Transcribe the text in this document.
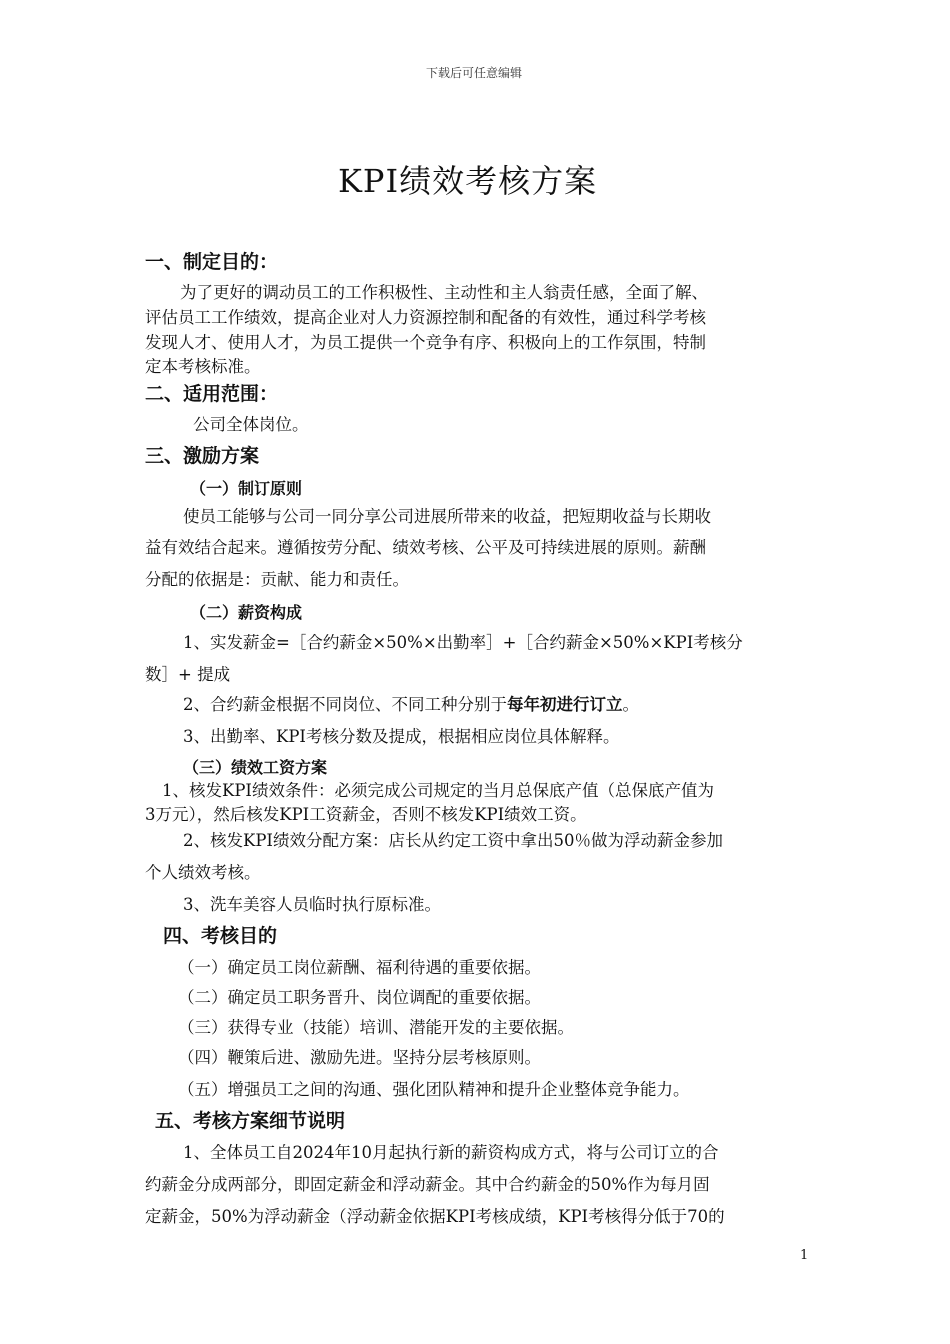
下载后可任意编辑
KPI绩效考核方案
一、制定目的：
为了更好的调动员工的工作积极性、主动性和主人翁责任感，全面了解、
评估员工工作绩效，提高企业对人力资源控制和配备的有效性，通过科学考核
发现人才、使用人才，为员工提供一个竞争有序、积极向上的工作氛围，特制
定本考核标准。
二、适用范围：
公司全体岗位。
三、激励方案
（一）制订原则
使员工能够与公司一同分享公司进展所带来的收益，把短期收益与长期收
益有效结合起来。遵循按劳分配、绩效考核、公平及可持续进展的原则。薪酬
分配的依据是：贡献、能力和责任。
（二）薪资构成
1、实发薪金=［合约薪金×50%×出勤率］+［合约薪金×50%×KPI考核分
数］+ 提成
2、合约薪金根据不同岗位、不同工种分别于每年初进行订立。
3、出勤率、KPI考核分数及提成，根据相应岗位具体解释。
（三）绩效工资方案
1、核发KPI绩效条件：必须完成公司规定的当月总保底产值（总保底产值为
3万元），然后核发KPI工资薪金，否则不核发KPI绩效工资。
2、核发KPI绩效分配方案：店长从约定工资中拿出50％做为浮动薪金参加
个人绩效考核。
3、洗车美容人员临时执行原标准。
四、考核目的
（一）确定员工岗位薪酬、福利待遇的重要依据。
（二）确定员工职务晋升、岗位调配的重要依据。
（三）获得专业（技能）培训、潜能开发的主要依据。
（四）鞭策后进、激励先进。坚持分层考核原则。
（五）增强员工之间的沟通、强化团队精神和提升企业整体竞争能力。
五、考核方案细节说明
1、全体员工自2024年10月起执行新的薪资构成方式，将与公司订立的合
约薪金分成两部分，即固定薪金和浮动薪金。其中合约薪金的50%作为每月固
定薪金，50%为浮动薪金（浮动薪金依据KPI考核成绩，KPI考核得分低于70的
1
